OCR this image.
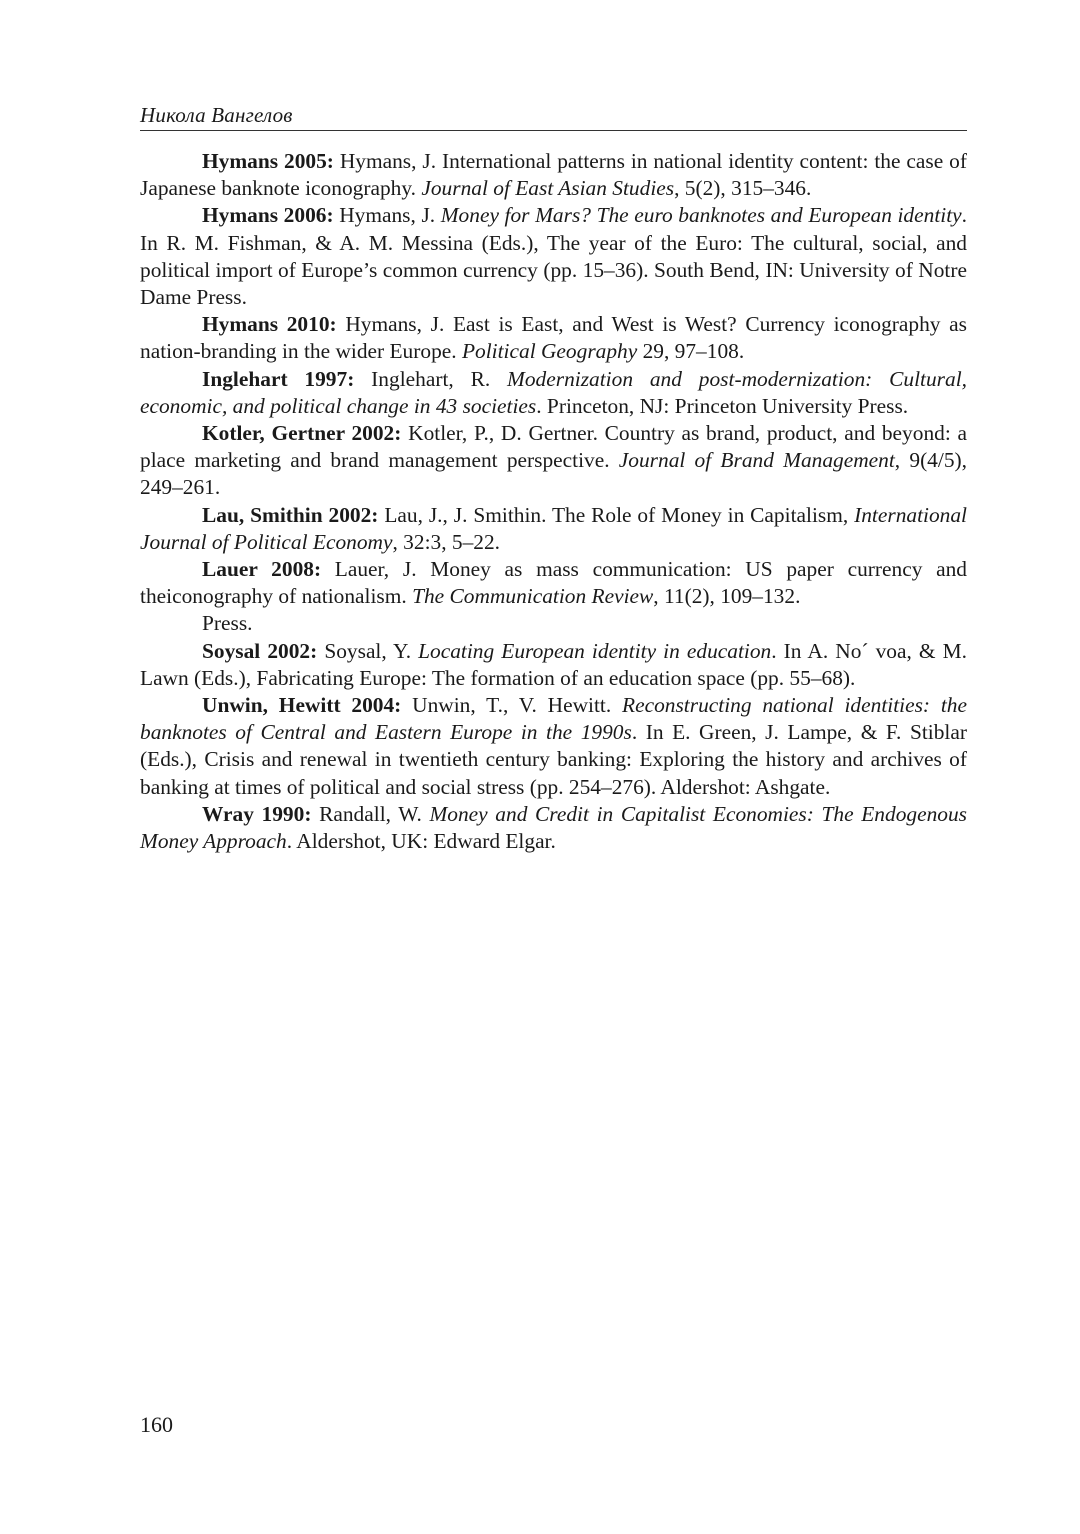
Никола Вангелов

Hymans 2005: Hymans, J. International patterns in national identity content: the case of Japanese banknote iconography. Journal of East Asian Studies, 5(2), 315–346.

Hymans 2006: Hymans, J. Money for Mars? The euro banknotes and European identity. In R. M. Fishman, & A. M. Messina (Eds.), The year of the Euro: The cultural, social, and political import of Europe’s common currency (pp. 15–36). South Bend, IN: University of Notre Dame Press.

Hymans 2010: Hymans, J. East is East, and West is West? Currency iconography as nation-branding in the wider Europe. Political Geography 29, 97–108.

Inglehart 1997: Inglehart, R. Modernization and post-modernization: Cultural, economic, and political change in 43 societies. Princeton, NJ: Princeton University Press.

Kotler, Gertner 2002: Kotler, P., D. Gertner. Country as brand, product, and beyond: a place marketing and brand management perspective. Journal of Brand Management, 9(4/5), 249–261.

Lau, Smithin 2002: Lau, J., J. Smithin. The Role of Money in Capitalism, International Journal of Political Economy, 32:3, 5–22.

Lauer 2008: Lauer, J. Money as mass communication: US paper currency and theiconography of nationalism. The Communication Review, 11(2), 109–132.

Press.

Soysal 2002: Soysal, Y. Locating European identity in education. In A. No´ voa, & M. Lawn (Eds.), Fabricating Europe: The formation of an education space (pp. 55–68).

Unwin, Hewitt 2004: Unwin, T., V. Hewitt. Reconstructing national identities: the banknotes of Central and Eastern Europe in the 1990s. In E. Green, J. Lampe, & F. Stiblar (Eds.), Crisis and renewal in twentieth century banking: Exploring the history and archives of banking at times of political and social stress (pp. 254–276). Aldershot: Ashgate.

Wray 1990: Randall, W. Money and Credit in Capitalist Economies: The Endogenous Money Approach. Aldershot, UK: Edward Elgar.

160
